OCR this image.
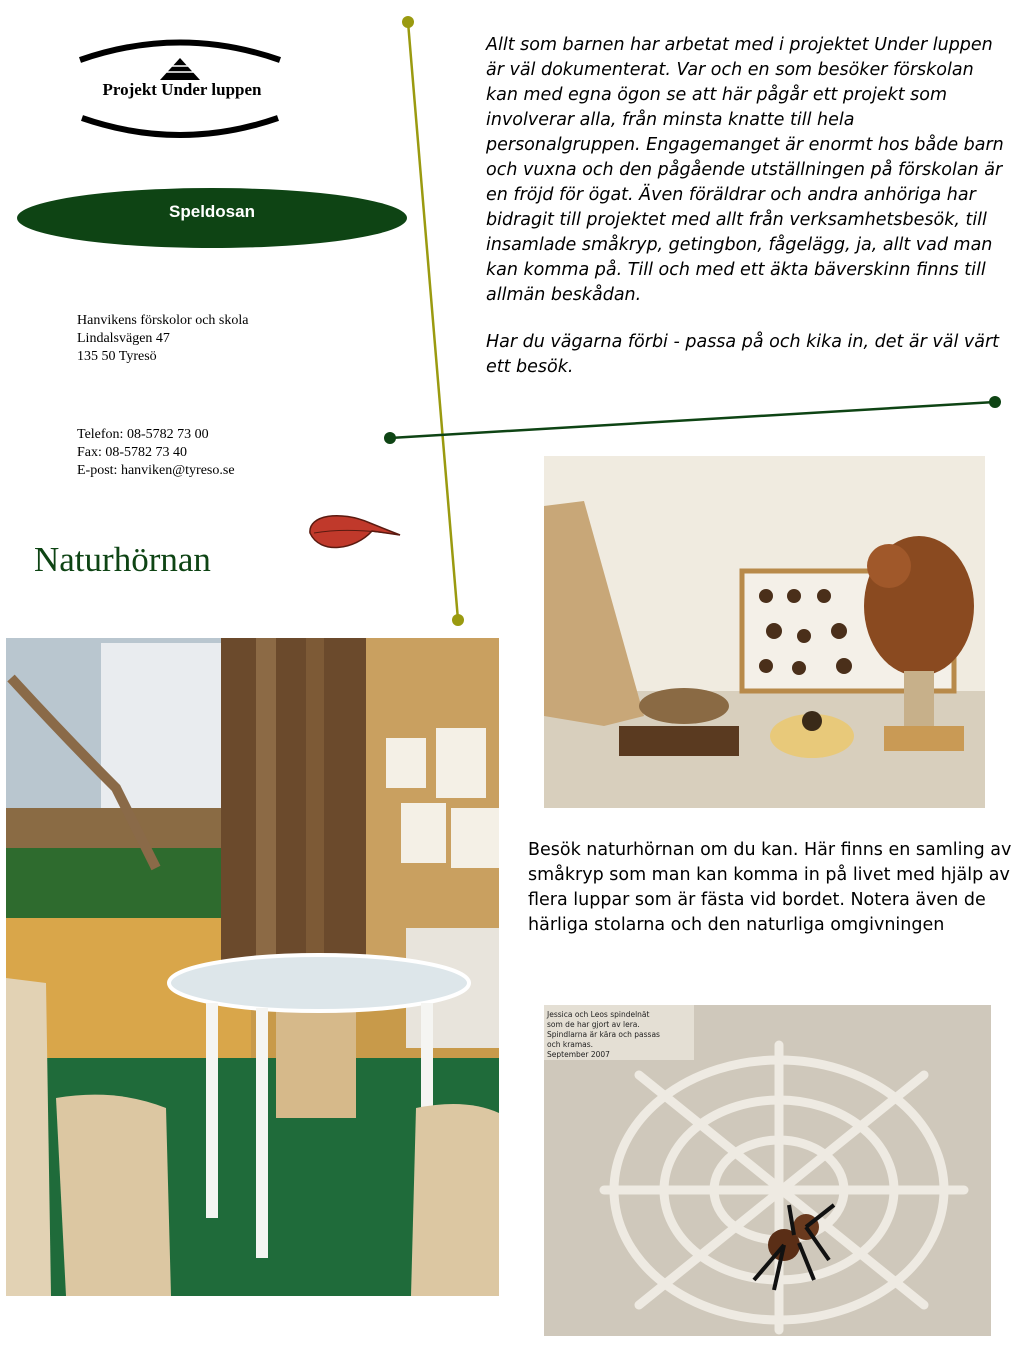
Projekt Under luppen
Speldosan
Hanvikens förskolor och skola
Lindalsvägen 47
135 50 Tyresö
Telefon: 08-5782 73 00
Fax: 08-5782 73 40
E-post: hanviken@tyreso.se
Naturhörnan

Allt som barnen har arbetat med i projektet Under luppen är väl dokumenterat. Var och en som besöker förskolan kan med egna ögon se att här pågår ett projekt som involverar alla, från minsta knatte till hela personalgruppen. Engagemanget är enormt hos både barn och vuxna och den pågående utställningen på förskolan är en fröjd för ögat. Även föräldrar och andra anhöriga har bidragit till projektet med allt från verksamhetsbesök, till insamlade småkryp, getingbon, fågelägg, ja, allt vad man kan komma på. Till och med ett äkta bäverskinn finns till allmän beskådan.

Har du vägarna förbi - passa på och kika in, det är väl värt ett besök.

Besök naturhörnan om du kan. Här finns en samling av småkryp som man kan komma in på livet med hjälp av flera luppar som är fästa vid bordet. Notera även de härliga stolarna och den naturliga omgivningen
Jessica och Leos spindelnät som de har gjort av lera. Spindlarna är kära och passas och kramas.
September 2007
